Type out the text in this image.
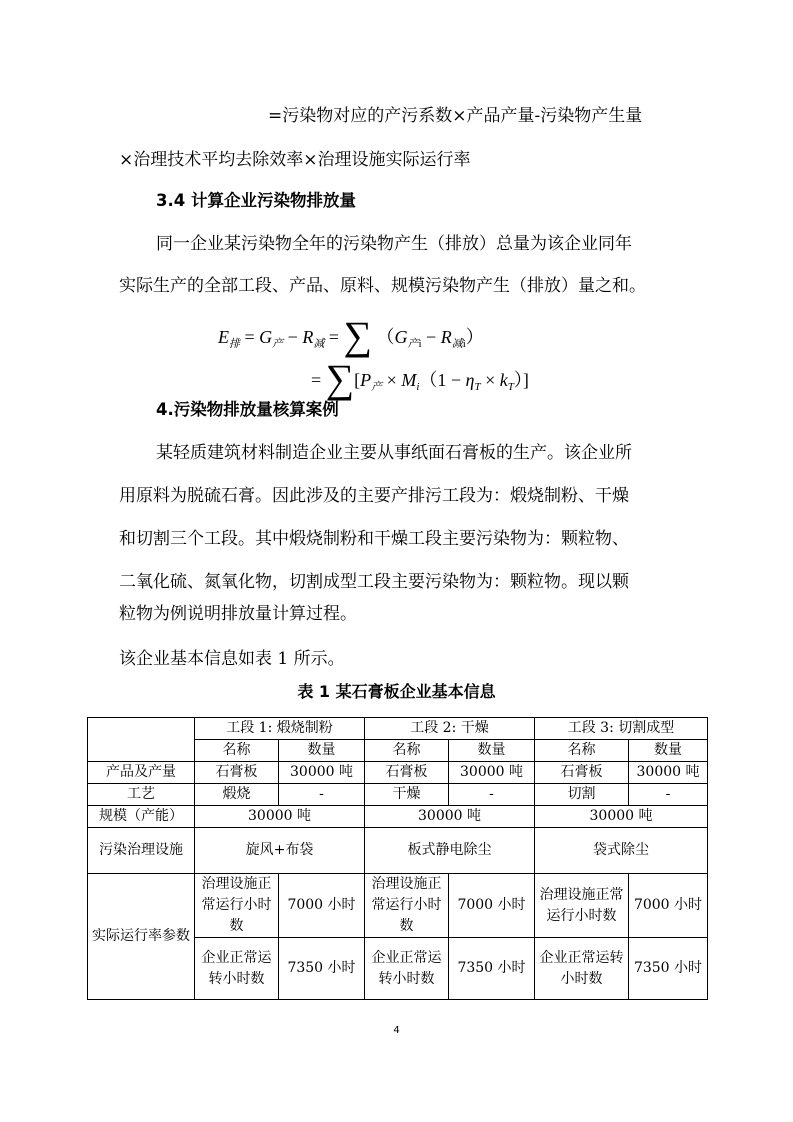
=污染物对应的产污系数×产品产量-污染物产生量
×治理技术平均去除效率×治理设施实际运行率
3.4 计算企业污染物排放量
同一企业某污染物全年的污染物产生（排放）总量为该企业同年
实际生产的全部工段、产品、原料、规模污染物产生（排放）量之和。
$E_排 = G_产 - R_减$ = ∑ $(G_{产i} - R_{减i})$
= $\sum[P_产 \times M_i(1 - \eta_T \times k_T)]$
4.污染物排放量核算案例
某轻质建筑材料制造企业主要从事纸面石膏板的生产。该企业所
用原料为脱硫石膏。因此涉及的主要产排污工段为：煅烧制粉、干燥
和切割三个工段。其中煅烧制粉和干燥工段主要污染物为：颗粒物、
二氧化硫、氮氧化物，切割成型工段主要污染物为：颗粒物。现以颗
粒物为例说明排放量计算过程。
该企业基本信息如表 1 所示。
表 1 某石膏板企业基本信息
	工段 1: 煅烧制粉		工段 2: 干燥		工段 3: 切割成型	
	名称	数量	名称	数量	名称	数量
产品及产量	石膏板	30000 吨	石膏板	30000 吨	石膏板	30000 吨
工艺	煅烧	-	干燥	-	切割	-
规模（产能）	30000 吨		30000 吨		30000 吨	
污染治理设施	旋风+布袋		板式静电除尘		袋式除尘	
实际运行率参数	治理设施正常运行小时数	7000 小时	治理设施正常运行小时数	7000 小时	治理设施正常运行小时数	7000 小时
	企业正常运转小时数	7350 小时	企业正常运转小时数	7350 小时	企业正常运转小时数	7350 小时
4
